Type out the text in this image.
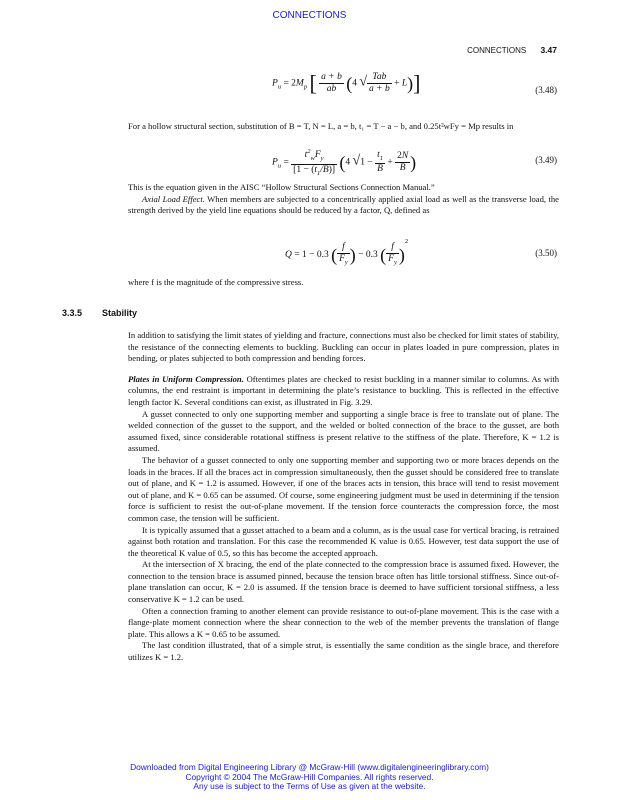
CONNECTIONS
CONNECTIONS 3.47
$P_u = 2M_p$ [ $\frac{a + b}{ab} (4$ √ $\frac{\text{Tab}}{a + b} + L$)]	(3.48)

For a hollow structural section, substitution of B = T, N = L, a = b, t₁ = T − a − b, and 0.25t²wFy = Mp results in

$P_u = \frac{t^2_wF_y}{[1 - (t_1/B)]} (4$ $√1 - \frac{t_1}{B} + \frac{2N}{B}$ )	(3.49)

This is the equation given in the AISC “Hollow Structural Sections Connection Manual.”

Axial Load Effect. When members are subjected to a concentrically applied axial load as well as the transverse load, the strength derived by the yield line equations should be reduced by a factor, Q, defined as

Q = 1 − 0.3 ( $\frac{f}{F_y}$ ) − 0.3 ( $\frac{f}{F_y} )^2$
(3.50)

where f is the magnitude of the compressive stress.

3.3.5 Stability

In addition to satisfying the limit states of yielding and fracture, connections must also be checked for limit states of stability, the resistance of the connecting elements to buckling. Buckling can occur in plates loaded in pure compression, plates in bending, or plates subjected to both compression and bending forces.

Plates in Uniform Compression. Oftentimes plates are checked to resist buckling in a manner similar to columns. As with columns, the end restraint is important in determining the plate’s resistance to buckling. This is reflected in the effective length factor K. Several conditions can exist, as illustrated in Fig. 3.29.

A gusset connected to only one supporting member and supporting a single brace is free to translate out of plane. The welded connection of the gusset to the support, and the welded or bolted connection of the brace to the gusset, are both assumed fixed, since considerable rotational stiffness is present relative to the stiffness of the plate. Therefore, K = 1.2 is assumed.

The behavior of a gusset connected to only one supporting member and supporting two or more braces depends on the loads in the braces. If all the braces act in compression simultaneously, then the gusset should be considered free to translate out of plane, and K = 1.2 is assumed. However, if one of the braces acts in tension, this brace will tend to resist movement out of plane, and K = 0.65 can be assumed. Of course, some engineering judgment must be used in determining if the tension force is sufficient to resist the out-of-plane movement. If the tension force counteracts the compression force, the most common case, the tension will be sufficient.

It is typically assumed that a gusset attached to a beam and a column, as is the usual case for vertical bracing, is retrained against both rotation and translation. For this case the recommended K value is 0.65. However, test data support the use of the theoretical K value of 0.5, so this has become the accepted approach.

At the intersection of X bracing, the end of the plate connected to the compression brace is assumed fixed. However, the connection to the tension brace is assumed pinned, because the tension brace often has little torsional stiffness. Since out-of-plane translation can occur, K = 2.0 is assumed. If the tension brace is deemed to have sufficient torsional stiffness, a less conservative K = 1.2 can be used.

Often a connection framing to another element can provide resistance to out-of-plane movement. This is the case with a flange-plate moment connection where the shear connection to the web of the member prevents the translation of flange plate. This allows a K = 0.65 to be assumed.

The last condition illustrated, that of a simple strut, is essentially the same condition as the single brace, and therefore utilizes K = 1.2.

Downloaded from Digital Engineering Library @ McGraw-Hill (www.digitalengineeringlibrary.com)
Copyright © 2004 The McGraw-Hill Companies. All rights reserved.
Any use is subject to the Terms of Use as given at the website.
